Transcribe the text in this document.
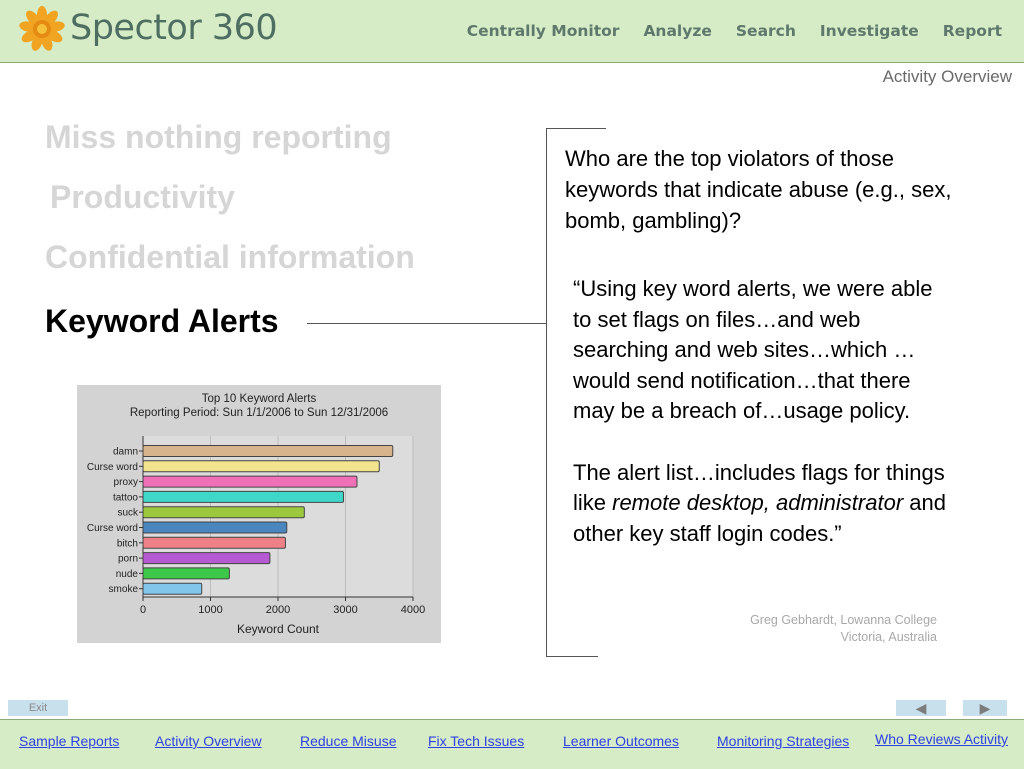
Spector 360	Centrally Monitor Analyze Search Investigate Report
Activity Overview
Miss nothing reporting
Productivity
Confidential information
Keyword Alerts
Who are the top violators of those keywords that indicate abuse (e.g., sex, bomb, gambling)?

“Using key word alerts, we were able to set flags on files…and web searching and web sites…which …would send notification…that there may be a breach of…usage policy.

The alert list…includes flags for things like remote desktop, administrator and other key staff login codes.”

Greg Gebhardt, Lowanna College
Victoria, Australia
Top 10 Keyword Alerts
Reporting Period: Sun 1/1/2006 to Sun 12/31/2006
0	1000	2000	3000	4000
damn
Curse word
proxy
tattoo
suck
Curse word
bitch
porn
nude
smoke
Keyword Count
Exit	◀	▶
Sample Reports	Activity Overview	Reduce Misuse Fix Tech Issues	Learner Outcomes	Monitoring Strategies Who Reviews Activity
